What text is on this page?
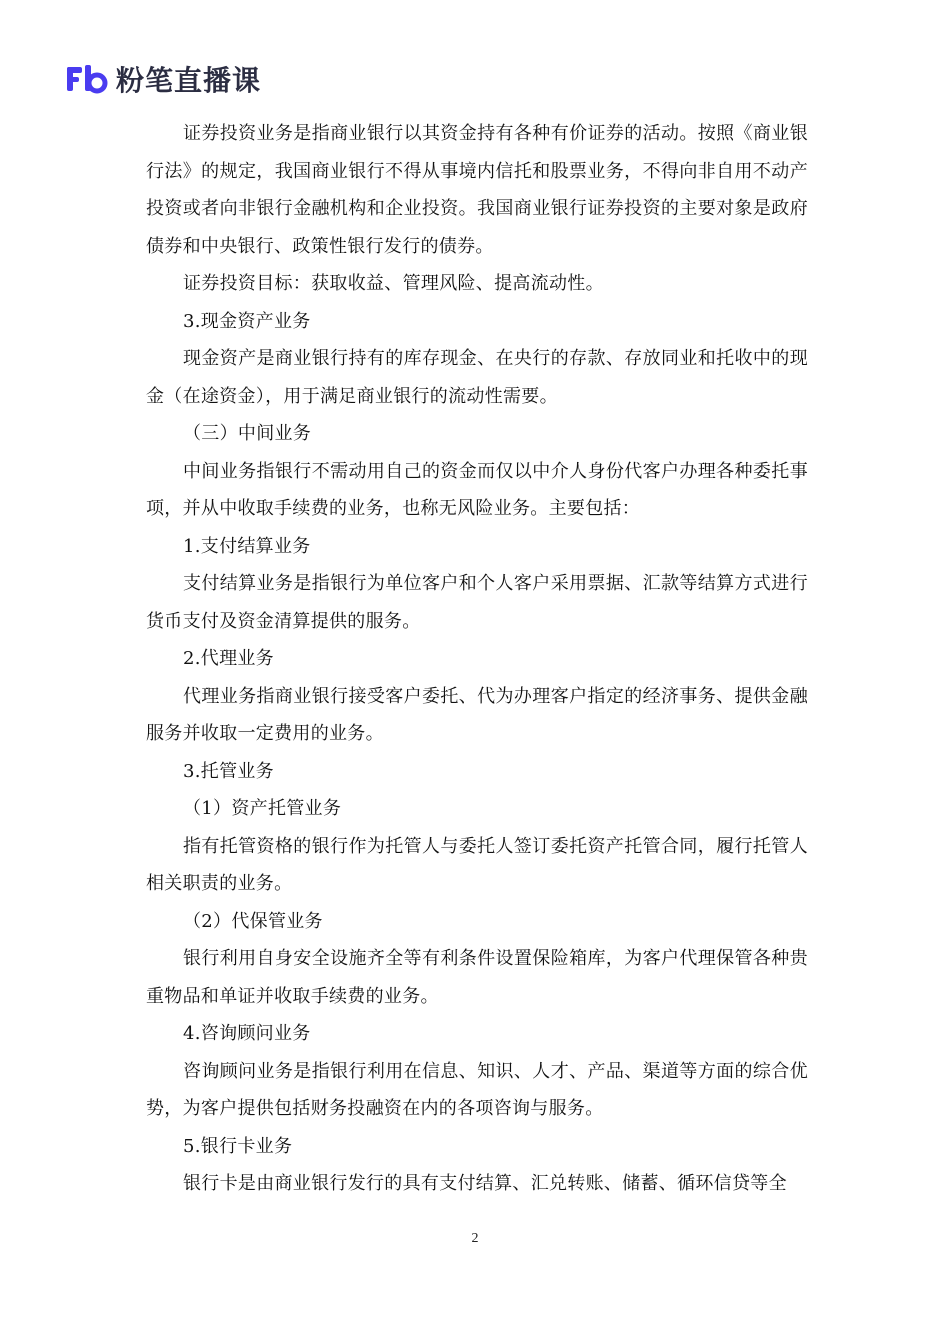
粉笔直播课

证券投资业务是指商业银行以其资金持有各种有价证券的活动。按照《商业银行法》的规定，我国商业银行不得从事境内信托和股票业务，不得向非自用不动产投资或者向非银行金融机构和企业投资。我国商业银行证券投资的主要对象是政府债券和中央银行、政策性银行发行的债券。

证券投资目标：获取收益、管理风险、提高流动性。

3.现金资产业务

现金资产是商业银行持有的库存现金、在央行的存款、存放同业和托收中的现金（在途资金），用于满足商业银行的流动性需要。

（三）中间业务

中间业务指银行不需动用自己的资金而仅以中介人身份代客户办理各种委托事项，并从中收取手续费的业务，也称无风险业务。主要包括：

1.支付结算业务

支付结算业务是指银行为单位客户和个人客户采用票据、汇款等结算方式进行货币支付及资金清算提供的服务。

2.代理业务

代理业务指商业银行接受客户委托、代为办理客户指定的经济事务、提供金融服务并收取一定费用的业务。

3.托管业务

（1）资产托管业务

指有托管资格的银行作为托管人与委托人签订委托资产托管合同，履行托管人相关职责的业务。

（2）代保管业务

银行利用自身安全设施齐全等有利条件设置保险箱库，为客户代理保管各种贵重物品和单证并收取手续费的业务。

4.咨询顾问业务

咨询顾问业务是指银行利用在信息、知识、人才、产品、渠道等方面的综合优势，为客户提供包括财务投融资在内的各项咨询与服务。

5.银行卡业务

银行卡是由商业银行发行的具有支付结算、汇兑转账、储蓄、循环信贷等全

2
